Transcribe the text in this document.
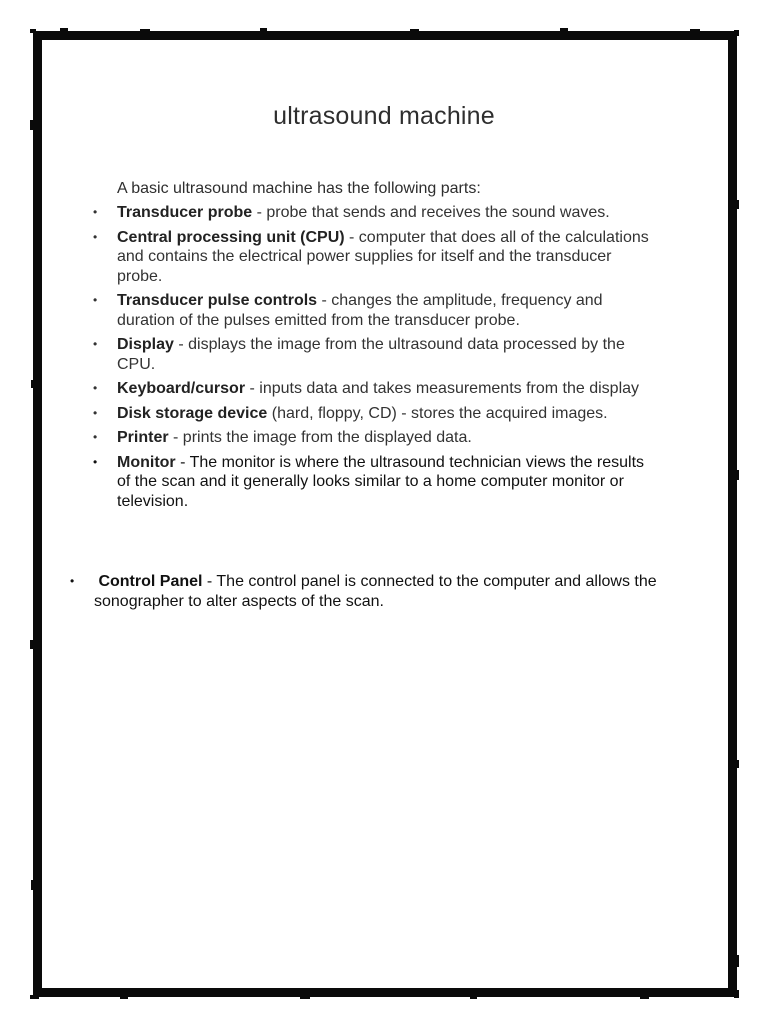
ultrasound machine
A basic ultrasound machine has the following parts:
• Transducer probe - probe that sends and receives the sound waves.
• Central processing unit (CPU) - computer that does all of the calculations and contains the electrical power supplies for itself and the transducer probe.
• Transducer pulse controls - changes the amplitude, frequency and duration of the pulses emitted from the transducer probe.
• Display - displays the image from the ultrasound data processed by the CPU.
• Keyboard/cursor - inputs data and takes measurements from the display
• Disk storage device (hard, floppy, CD) - stores the acquired images.
• Printer - prints the image from the displayed data.
• Monitor - The monitor is where the ultrasound technician views the results of the scan and it generally looks similar to a home computer monitor or television.
• Control Panel - The control panel is connected to the computer and allows the sonographer to alter aspects of the scan.
